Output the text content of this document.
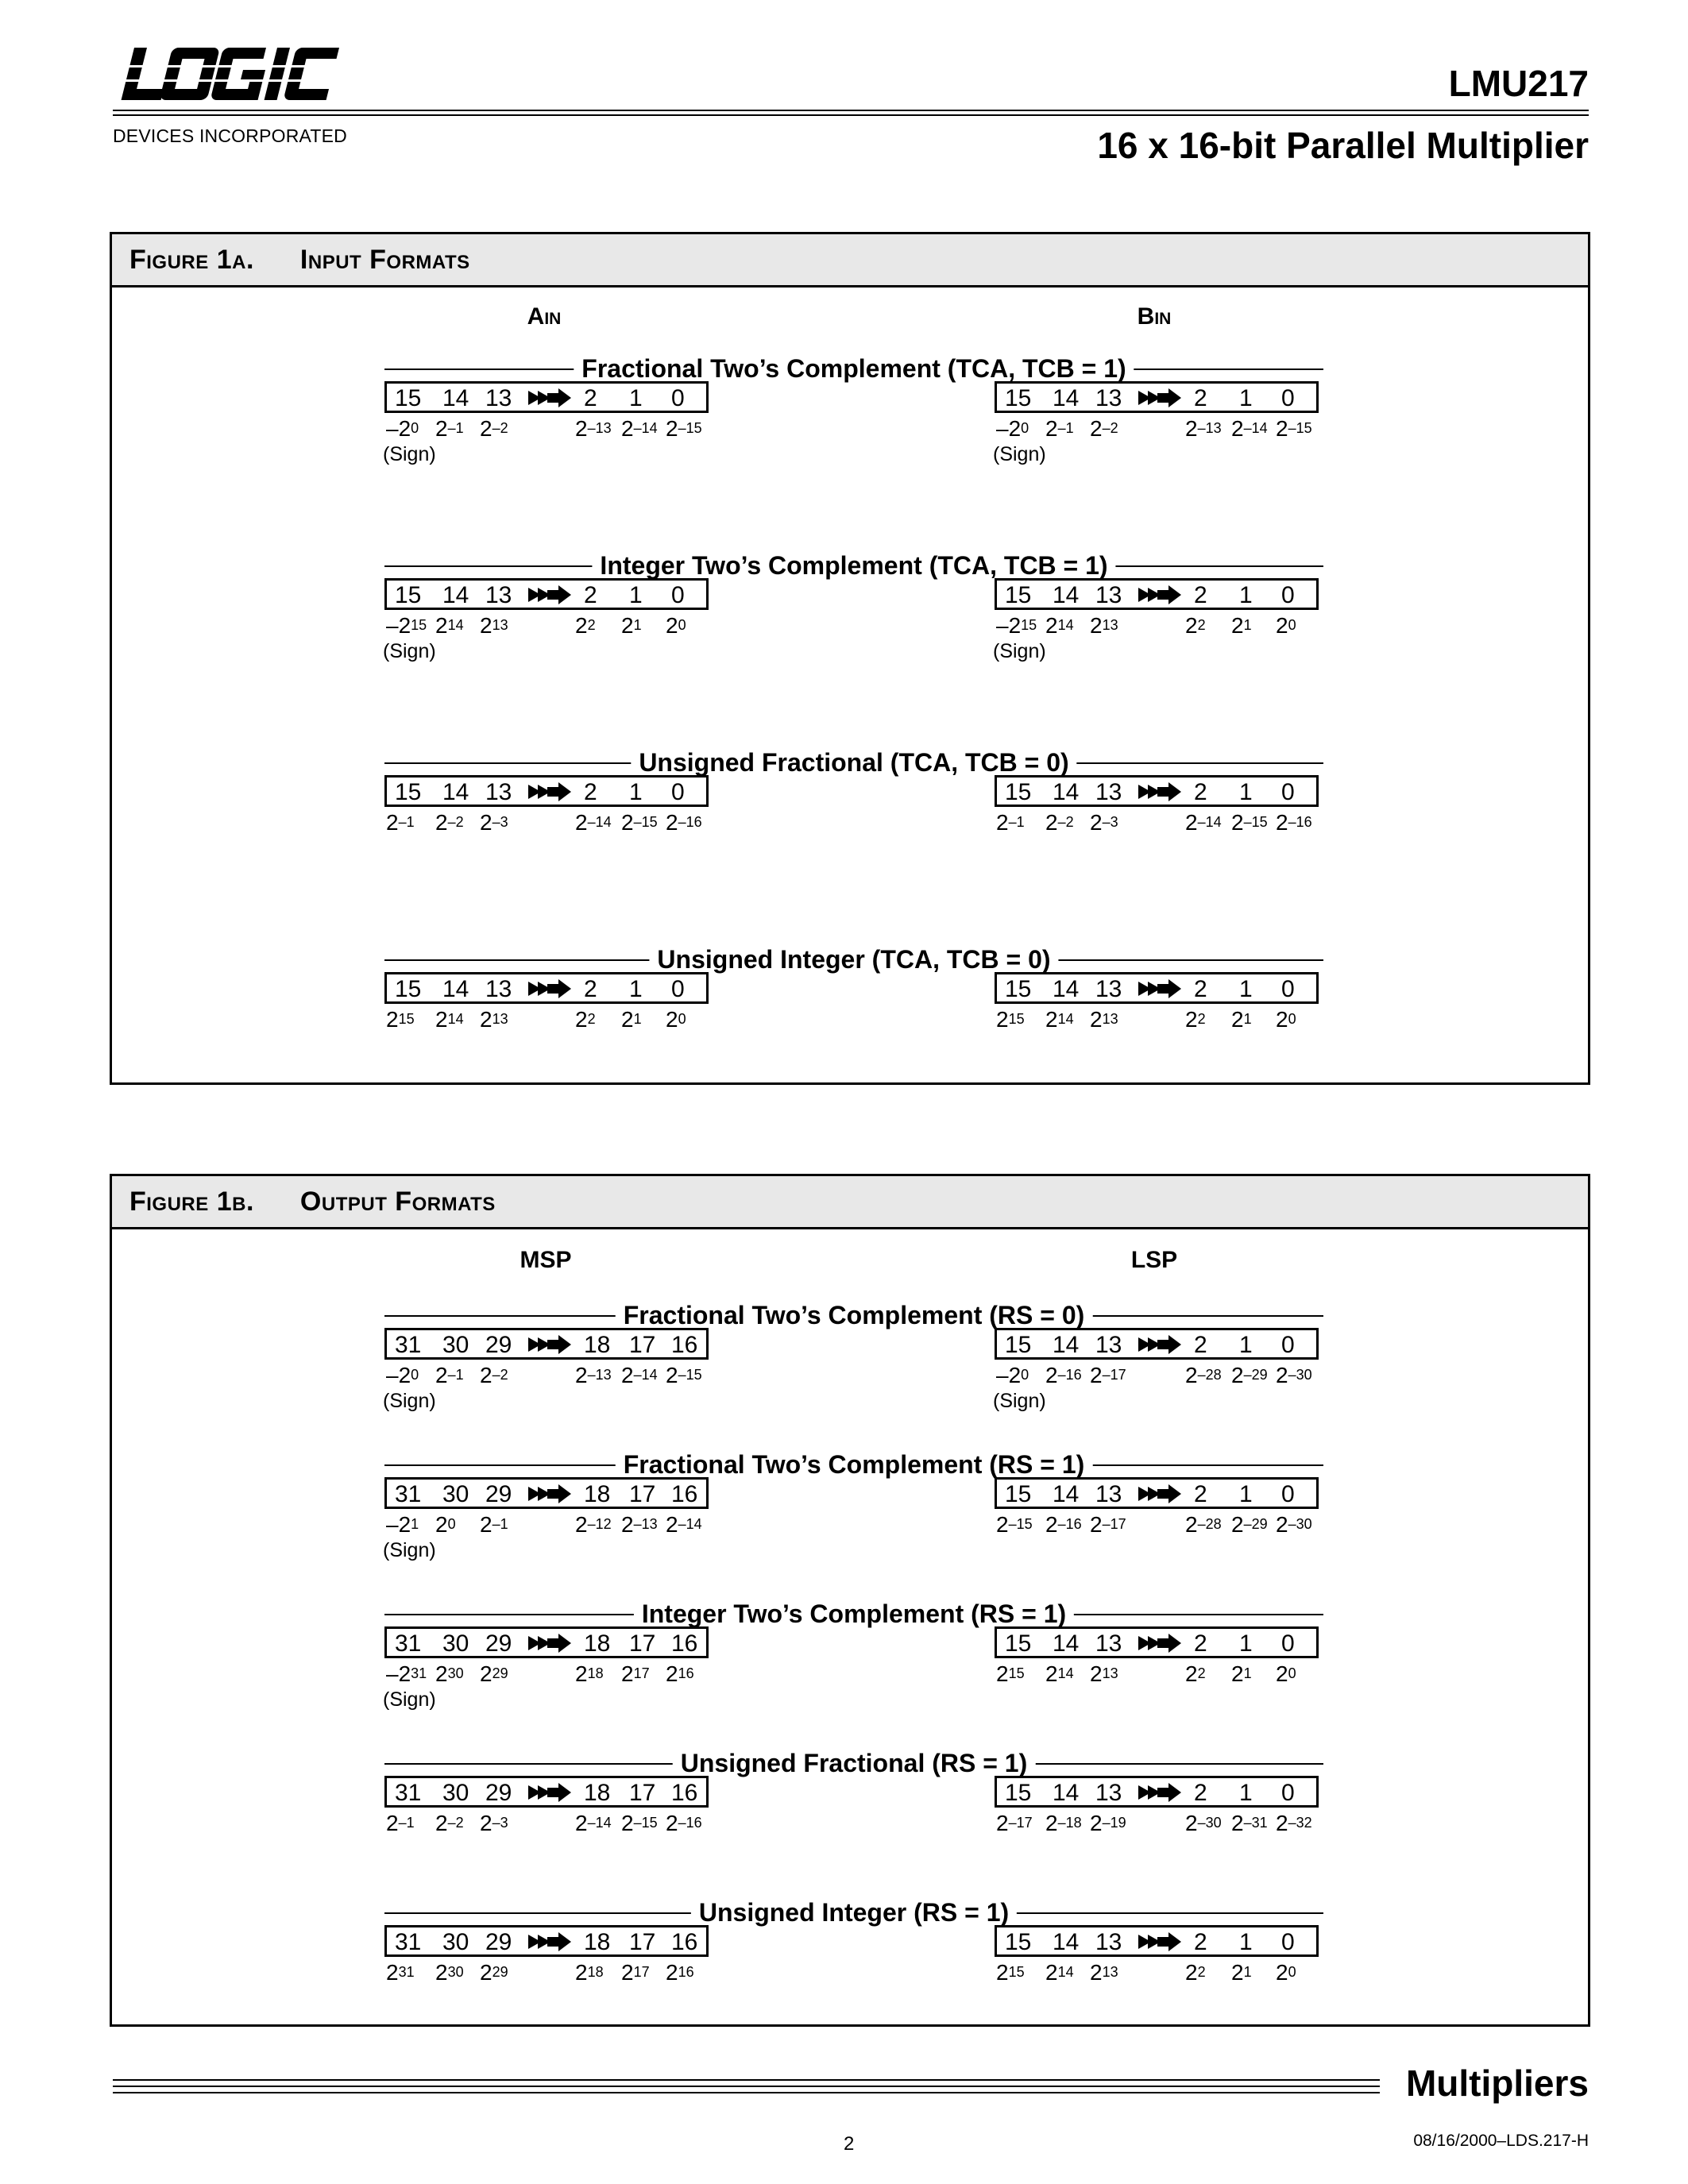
DEVICES INCORPORATED
LMU217
16 x 16-bit Parallel Multiplier
Figure 1a. Input Formats
Ain	Bin
Fractional Two’s Complement (TCA, TCB = 1)
15 14 13	2 1 0
$-2^0$ $2^{-1}$ $2^{-2}$	$2^{-13}$ $2^{-14}$ $2^{-15}$
(Sign)
15 14 13	2 1 0
$-2^0$ $2^{-1}$ $2^{-2}$	$2^{-13}$ $2^{-14}$ $2^{-15}$
(Sign)
Integer Two’s Complement (TCA, TCB = 1)
15 14 13	2 1 0
$-2^{15}$ $2^{14}$ $2^{13}$	$2^2$ $2^1$ $2^0$
(Sign)
15 14 13	2 1 0
$-2^{15}$ $2^{14}$ $2^{13}$	$2^2$ $2^1$ $2^0$
(Sign)
Unsigned Fractional (TCA, TCB = 0)
15 14 13	2 1 0
$2^{-1}$ $2^{-2}$ $2^{-3}$	$2^{-14}$ $2^{-15}$ $2^{-16}$
15 14 13	2 1 0
$2^{-1}$ $2^{-2}$ $2^{-3}$	$2^{-14}$ $2^{-15}$ $2^{-16}$
Unsigned Integer (TCA, TCB = 0)
15 14 13	2 1 0
$2^{15}$ $2^{14}$ $2^{13}$	$2^2$ $2^1$ $2^0$
15 14 13	2 1 0
$2^{15}$ $2^{14}$ $2^{13}$	$2^2$ $2^1$ $2^0$
Figure 1b. Output Formats
MSP	LSP
Fractional Two’s Complement (RS = 0)
31 30 29	18 17 16
$-2^0$ $2^{-1}$ $2^{-2}$	$2^{-13}$ $2^{-14}$ $2^{-15}$
(Sign)
15 14 13	2 1 0
$-2^0$ $2^{-16}$ $2^{-17}$	$2^{-28}$ $2^{-29}$ $2^{-30}$
(Sign)
Fractional Two’s Complement (RS = 1)
31 30 29	18 17 16
$-2^1$ $2^0$ $2^{-1}$	$2^{-12}$ $2^{-13}$ $2^{-14}$
(Sign)
15 14 13	2 1 0
$2^{-15}$ $2^{-16}$ $2^{-17}$	$2^{-28}$ $2^{-29}$ $2^{-30}$
Integer Two’s Complement (RS = 1)
31 30 29	18 17 16
$-2^{31}$ $2^{30}$ $2^{29}$	$2^{18}$ $2^{17}$ $2^{16}$
(Sign)
15 14 13	2 1 0
$2^{15}$ $2^{14}$ $2^{13}$	$2^2$ $2^1$ $2^0$
Unsigned Fractional (RS = 1)
31 30 29	18 17 16
$2^{-1}$ $2^{-2}$ $2^{-3}$	$2^{-14}$ $2^{-15}$ $2^{-16}$
15 14 13	2 1 0
$2^{-17}$ $2^{-18}$ $2^{-19}$	$2^{-30}$ $2^{-31}$ $2^{-32}$
Unsigned Integer (RS = 1)
31 30 29	18 17 16
$2^{31}$ $2^{30}$ $2^{29}$	$2^{18}$ $2^{17}$ $2^{16}$
15 14 13	2 1 0
$2^{15}$ $2^{14}$ $2^{13}$	$2^2$ $2^1$ $2^0$
Multipliers
2	08/16/2000–LDS.217-H
